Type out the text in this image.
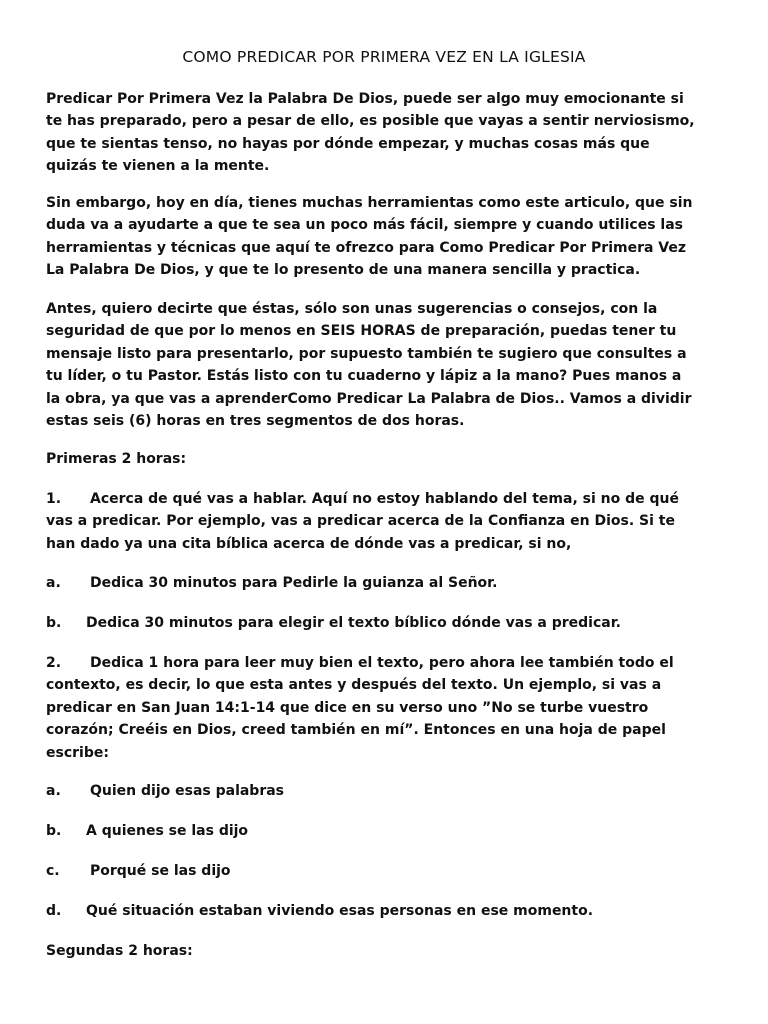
COMO PREDICAR POR PRIMERA VEZ EN LA IGLESIA
Predicar Por Primera Vez la Palabra De Dios, puede ser algo muy emocionante si
te has preparado, pero a pesar de ello, es posible que vayas a sentir nerviosismo,
que te sientas tenso, no hayas por dónde empezar, y muchas cosas más que
quizás te vienen a la mente.
Sin embargo, hoy en día, tienes muchas herramientas como este articulo, que sin
duda va a ayudarte a que te sea un poco más fácil, siempre y cuando utilices las
herramientas y técnicas que aquí te ofrezco para Como Predicar Por Primera Vez
La Palabra De Dios, y que te lo presento de una manera sencilla y practica.
Antes, quiero decirte que éstas, sólo son unas sugerencias o consejos, con la
seguridad de que por lo menos en SEIS HORAS de preparación, puedas tener tu
mensaje listo para presentarlo, por supuesto también te sugiero que consultes a
tu líder, o tu Pastor. Estás listo con tu cuaderno y lápiz a la mano? Pues manos a
la obra, ya que vas a aprenderComo Predicar La Palabra de Dios.. Vamos a dividir
estas seis (6) horas en tres segmentos de dos horas.
Primeras 2 horas:
1. Acerca de qué vas a hablar. Aquí no estoy hablando del tema, si no de qué
vas a predicar. Por ejemplo, vas a predicar acerca de la Confianza en Dios. Si te
han dado ya una cita bíblica acerca de dónde vas a predicar, si no,
a. Dedica 30 minutos para Pedirle la guianza al Señor.
b. Dedica 30 minutos para elegir el texto bíblico dónde vas a predicar.
2. Dedica 1 hora para leer muy bien el texto, pero ahora lee también todo el
contexto, es decir, lo que esta antes y después del texto. Un ejemplo, si vas a
predicar en San Juan 14:1-14 que dice en su verso uno ”No se turbe vuestro
corazón; Creéis en Dios, creed también en mí”. Entonces en una hoja de papel
escribe:
a. Quien dijo esas palabras
b. A quienes se las dijo
c. Porqué se las dijo
d. Qué situación estaban viviendo esas personas en ese momento.
Segundas 2 horas:
